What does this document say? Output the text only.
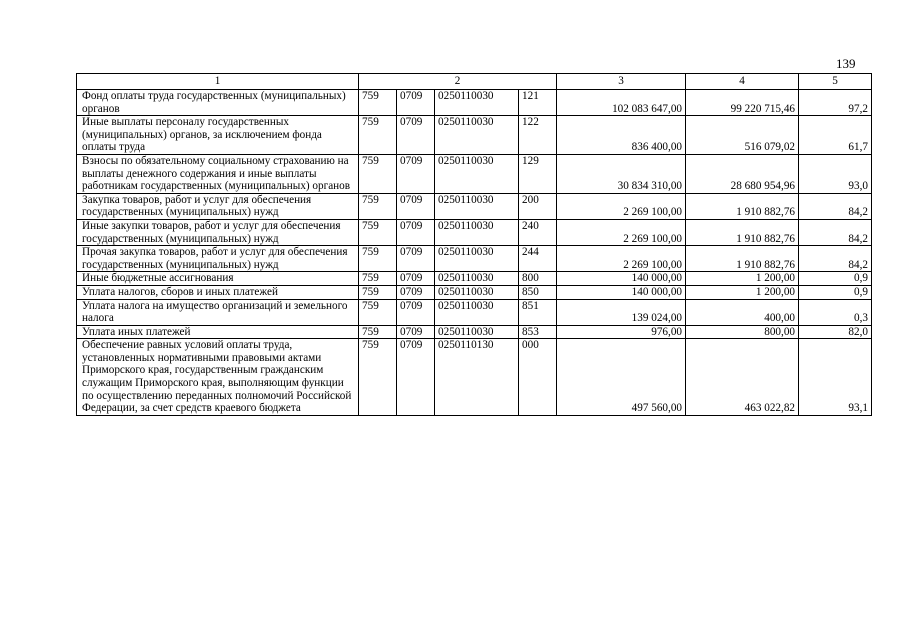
139
1	2				3	4	5
Фонд оплаты труда государственных (муниципальных) органов	759	0709	0250110030	121	102 083 647,00	99 220 715,46	97,2
Иные выплаты персоналу государственных (муниципальных) органов, за исключением фонда оплаты труда	759	0709	0250110030	122	836 400,00	516 079,02	61,7
Взносы по обязательному социальному страхованию на выплаты денежного содержания и иные выплаты работникам государственных (муниципальных) органов	759	0709	0250110030	129	30 834 310,00	28 680 954,96	93,0
Закупка товаров, работ и услуг для обеспечения государственных (муниципальных) нужд	759	0709	0250110030	200	2 269 100,00	1 910 882,76	84,2
Иные закупки товаров, работ и услуг для обеспечения государственных (муниципальных) нужд	759	0709	0250110030	240	2 269 100,00	1 910 882,76	84,2
Прочая закупка товаров, работ и услуг для обеспечения государственных (муниципальных) нужд	759	0709	0250110030	244	2 269 100,00	1 910 882,76	84,2
Иные бюджетные ассигнования	759	0709	0250110030	800	140 000,00	1 200,00	0,9
Уплата налогов, сборов и иных платежей	759	0709	0250110030	850	140 000,00	1 200,00	0,9
Уплата налога на имущество организаций и земельного налога	759	0709	0250110030	851	139 024,00	400,00	0,3
Уплата иных платежей	759	0709	0250110030	853	976,00	800,00	82,0
Обеспечение равных условий оплаты труда, установленных нормативными правовыми актами Приморского края, государственным гражданским служащим Приморского края, выполняющим функции по осуществлению переданных полномочий Российской Федерации, за счет средств краевого бюджета	759	0709	0250110130	000	497 560,00	463 022,82	93,1
